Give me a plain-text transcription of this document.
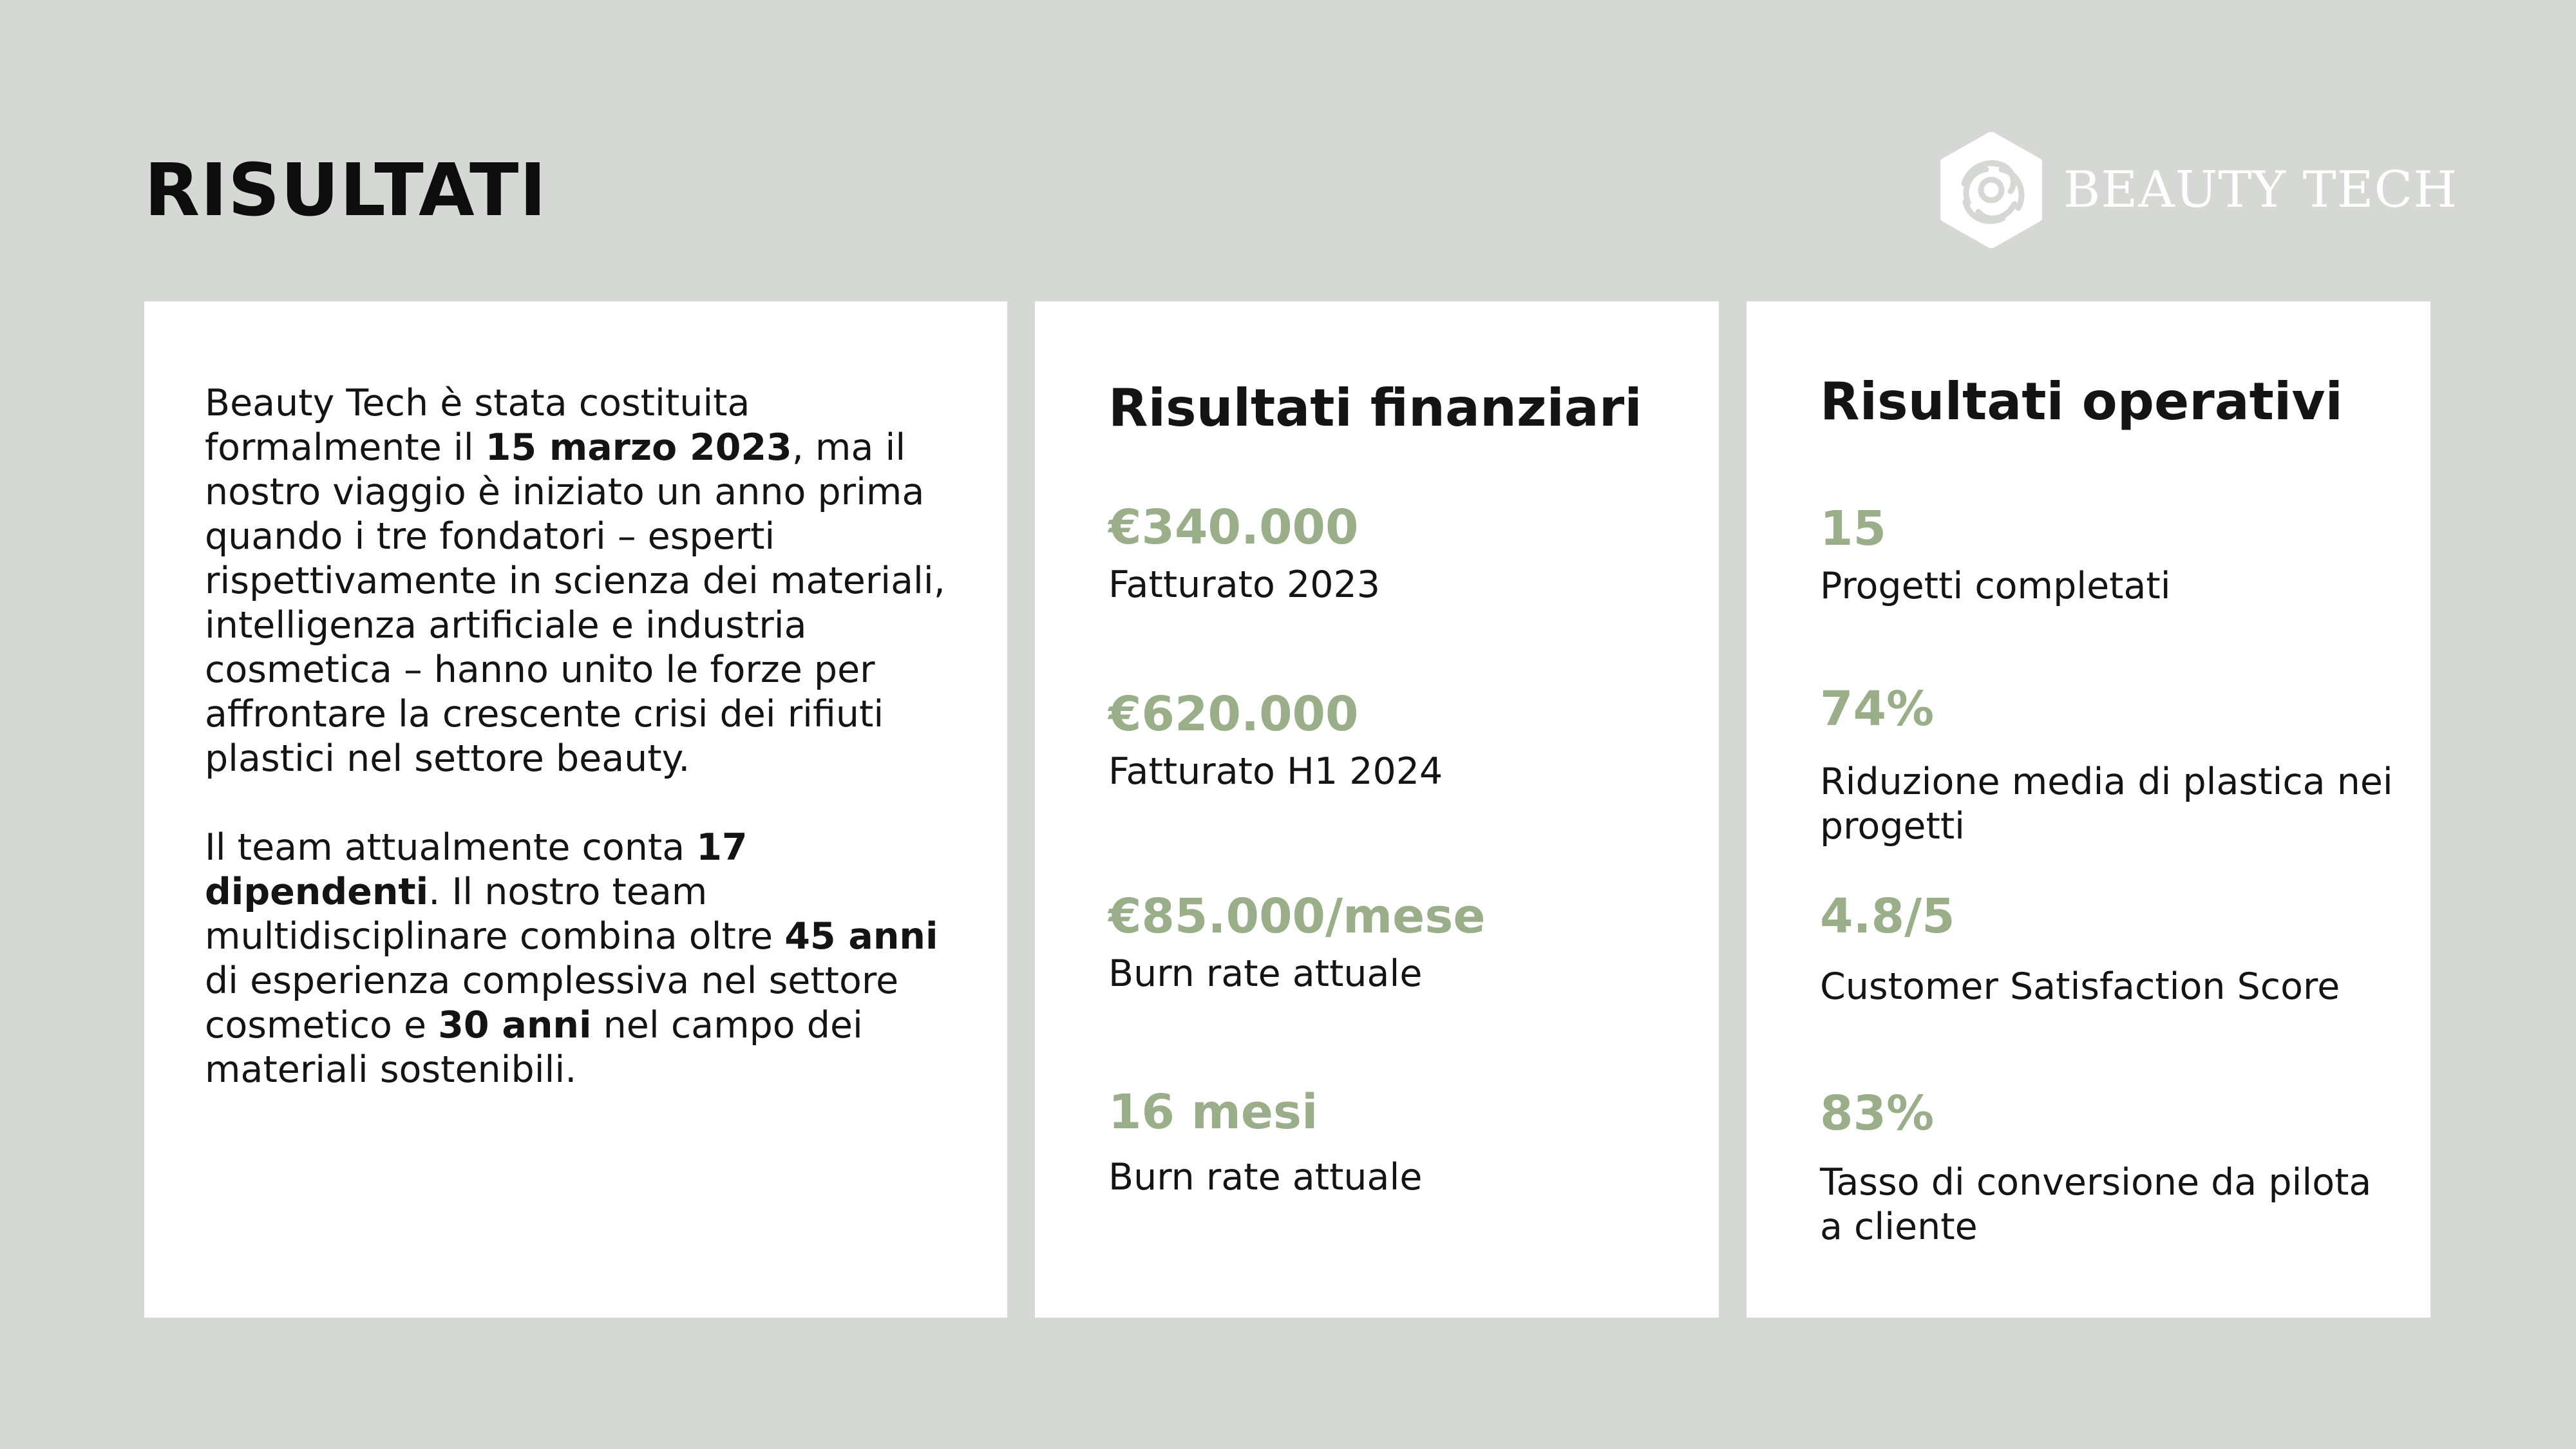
RISULTATI	BEAUTY TECH

Beauty Tech è stata costituita formalmente il 15 marzo 2023, ma il nostro viaggio è iniziato un anno prima quando i tre fondatori – esperti rispettivamente in scienza dei materiali, intelligenza artificiale e industria cosmetica – hanno unito le forze per affrontare la crescente crisi dei rifiuti plastici nel settore beauty.

Il team attualmente conta 17 dipendenti. Il nostro team multidisciplinare combina oltre 45 anni di esperienza complessiva nel settore cosmetico e 30 anni nel campo dei materiali sostenibili.

Risultati finanziari
€340.000
Fatturato 2023
€620.000
Fatturato H1 2024
€85.000/mese
Burn rate attuale
16 mesi
Burn rate attuale
Risultati operativi
15
Progetti completati
74%
Riduzione media di plastica nei progetti
4.8/5
Customer Satisfaction Score
83%
Tasso di conversione da pilota a cliente
